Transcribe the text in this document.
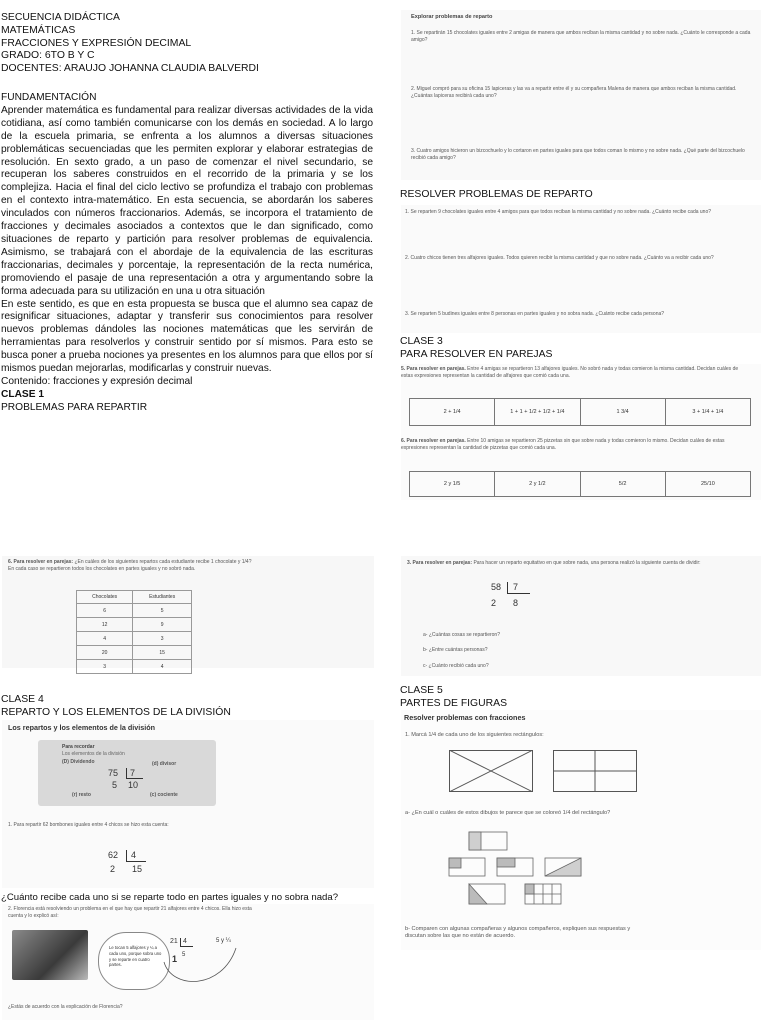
SECUENCIA DIDÁCTICA
MATEMÁTICAS
FRACCIONES Y EXPRESIÓN DECIMAL
GRADO: 6TO B Y C
DOCENTES: ARAUJO JOHANNA CLAUDIA BALVERDI
FUNDAMENTACIÓN
Aprender matemática es fundamental para realizar diversas actividades de la vida cotidiana, así como también comunicarse con los demás en sociedad. A lo largo de la escuela primaria, se enfrenta a los alumnos a diversas situaciones problemáticas secuenciadas que les permiten explorar y elaborar estrategias de resolución. En sexto grado, a un paso de comenzar el nivel secundario, se recuperan los saberes construidos en el recorrido de la primaria y se los complejiza. Hacia el final del ciclo lectivo se profundiza el trabajo con problemas en el contexto intra-matemático. En esta secuencia, se abordarán los saberes vinculados con números fraccionarios. Además, se incorpora el tratamiento de fracciones y decimales asociados a contextos que le dan significado, como situaciones de reparto y partición para resolver problemas de equivalencia. Asimismo, se trabajará con el abordaje de la equivalencia de las escrituras fraccionarias, decimales y porcentaje, la representación de la recta numérica, promoviendo el pasaje de una representación a otra y argumentando sobre la forma adecuada para su utilización en una u otra situación
En este sentido, es que en esta propuesta se busca que el alumno sea capaz de resignificar situaciones, adaptar y transferir sus conocimientos para resolver nuevos problemas dándoles las nociones matemáticas que les servirán de herramientas para resolverlos y construir sentido por sí mismos. Para esto se busca poner a prueba nociones ya presentes en los alumnos para que ellos por sí mismos puedan mejorarlas, modificarlas y construir nuevas.
Contenido: fracciones y expresión decimal
CLASE 1
PROBLEMAS PARA REPARTIR
6. Para resolver en parejas: ¿En cuáles de los siguientes repartos cada estudiante recibe 1 chocolate y 1/4? En cada caso se repartieron todos los chocolates en partes iguales y no sobró nada.
Chocolates	Estudiantes
6	5
12	9
4	3
20	15
3	4
CLASE 4
REPARTO Y LOS ELEMENTOS DE LA DIVISIÓN
Los repartos y los elementos de la división
Para recordar
Los elementos de la división
(D) Dividendo	(d) divisor
(r) resto	(c) cociente
75	7
5 10
1. Para repartir 62 bombones iguales entre 4 chicos se hizo esta cuenta:
62	4
2 15
¿Cuánto recibe cada uno si se reparte todo en partes iguales y no sobra nada?
2. Florencia está resolviendo un problema en el que hay que repartir 21 alfajores entre 4 chicos. Ella hizo esta cuenta y lo explicó así:
Le tocan 5 alfajores y ¼ a cada uno, porque sobra uno y se reparte en cuatro partes.
21 4
1 5
5 y ¼
¿Estás de acuerdo con la explicación de Florencia?
Explorar problemas de reparto
1. Se repartirán 15 chocolates iguales entre 2 amigas de manera que ambos reciban la misma cantidad y no sobre nada. ¿Cuánto le corresponde a cada amigo?
2. Miguel compró para su oficina 15 lapiceras y las va a repartir entre él y su compañera Malena de manera que ambos reciban la misma cantidad. ¿Cuántas lapiceras recibirá cada uno?
3. Cuatro amigos hicieron un bizcochuelo y lo cortaron en partes iguales para que todos coman lo mismo y no sobre nada. ¿Qué parte del bizcochuelo recibió cada amigo?
RESOLVER PROBLEMAS DE REPARTO
1. Se reparten 9 chocolates iguales entre 4 amigos para que todos reciban la misma cantidad y no sobre nada. ¿Cuánto recibe cada uno?
2. Cuatro chicos tienen tres alfajores iguales. Todos quieren recibir la misma cantidad y que no sobre nada. ¿Cuánto va a recibir cada uno?
3. Se reparten 5 budines iguales entre 8 personas en partes iguales y no sobra nada. ¿Cuánto recibe cada persona?
CLASE 3
PARA RESOLVER EN PAREJAS
5. Para resolver en parejas. Entre 4 amigas se repartieron 13 alfajores iguales. No sobró nada y todas comieron la misma cantidad. Decidan cuáles de estas expresiones representan la cantidad de alfajores que comió cada una.
2 + 1/4	1 + 1 + 1/2 + 1/2 + 1/4	1 3/4	3 + 1/4 + 1/4
6. Para resolver en parejas. Entre 10 amigas se repartieron 25 pizzetas sin que sobre nada y todas comieron lo mismo. Decidan cuáles de estas expresiones representan la cantidad de pizzetas que comió cada una.
2 y 1/5	2 y 1/2	5/2	25/10
3. Para resolver en parejas: Para hacer un reparto equitativo en que sobre nada, una persona realizó la siguiente cuenta de dividir:
58	7
2 8
a- ¿Cuántas cosas se repartieron?
b- ¿Entre cuántas personas?
c- ¿Cuánto recibió cada uno?
CLASE 5
PARTES DE FIGURAS
Resolver problemas con fracciones
1. Marcá 1/4 de cada uno de los siguientes rectángulos:
a- ¿En cuál o cuáles de estos dibujos te parece que se coloreó 1/4 del rectángulo?
b- Comparen con algunas compañeras y algunos compañeros, expliquen sus respuestas y discutan sobre las que no están de acuerdo.
